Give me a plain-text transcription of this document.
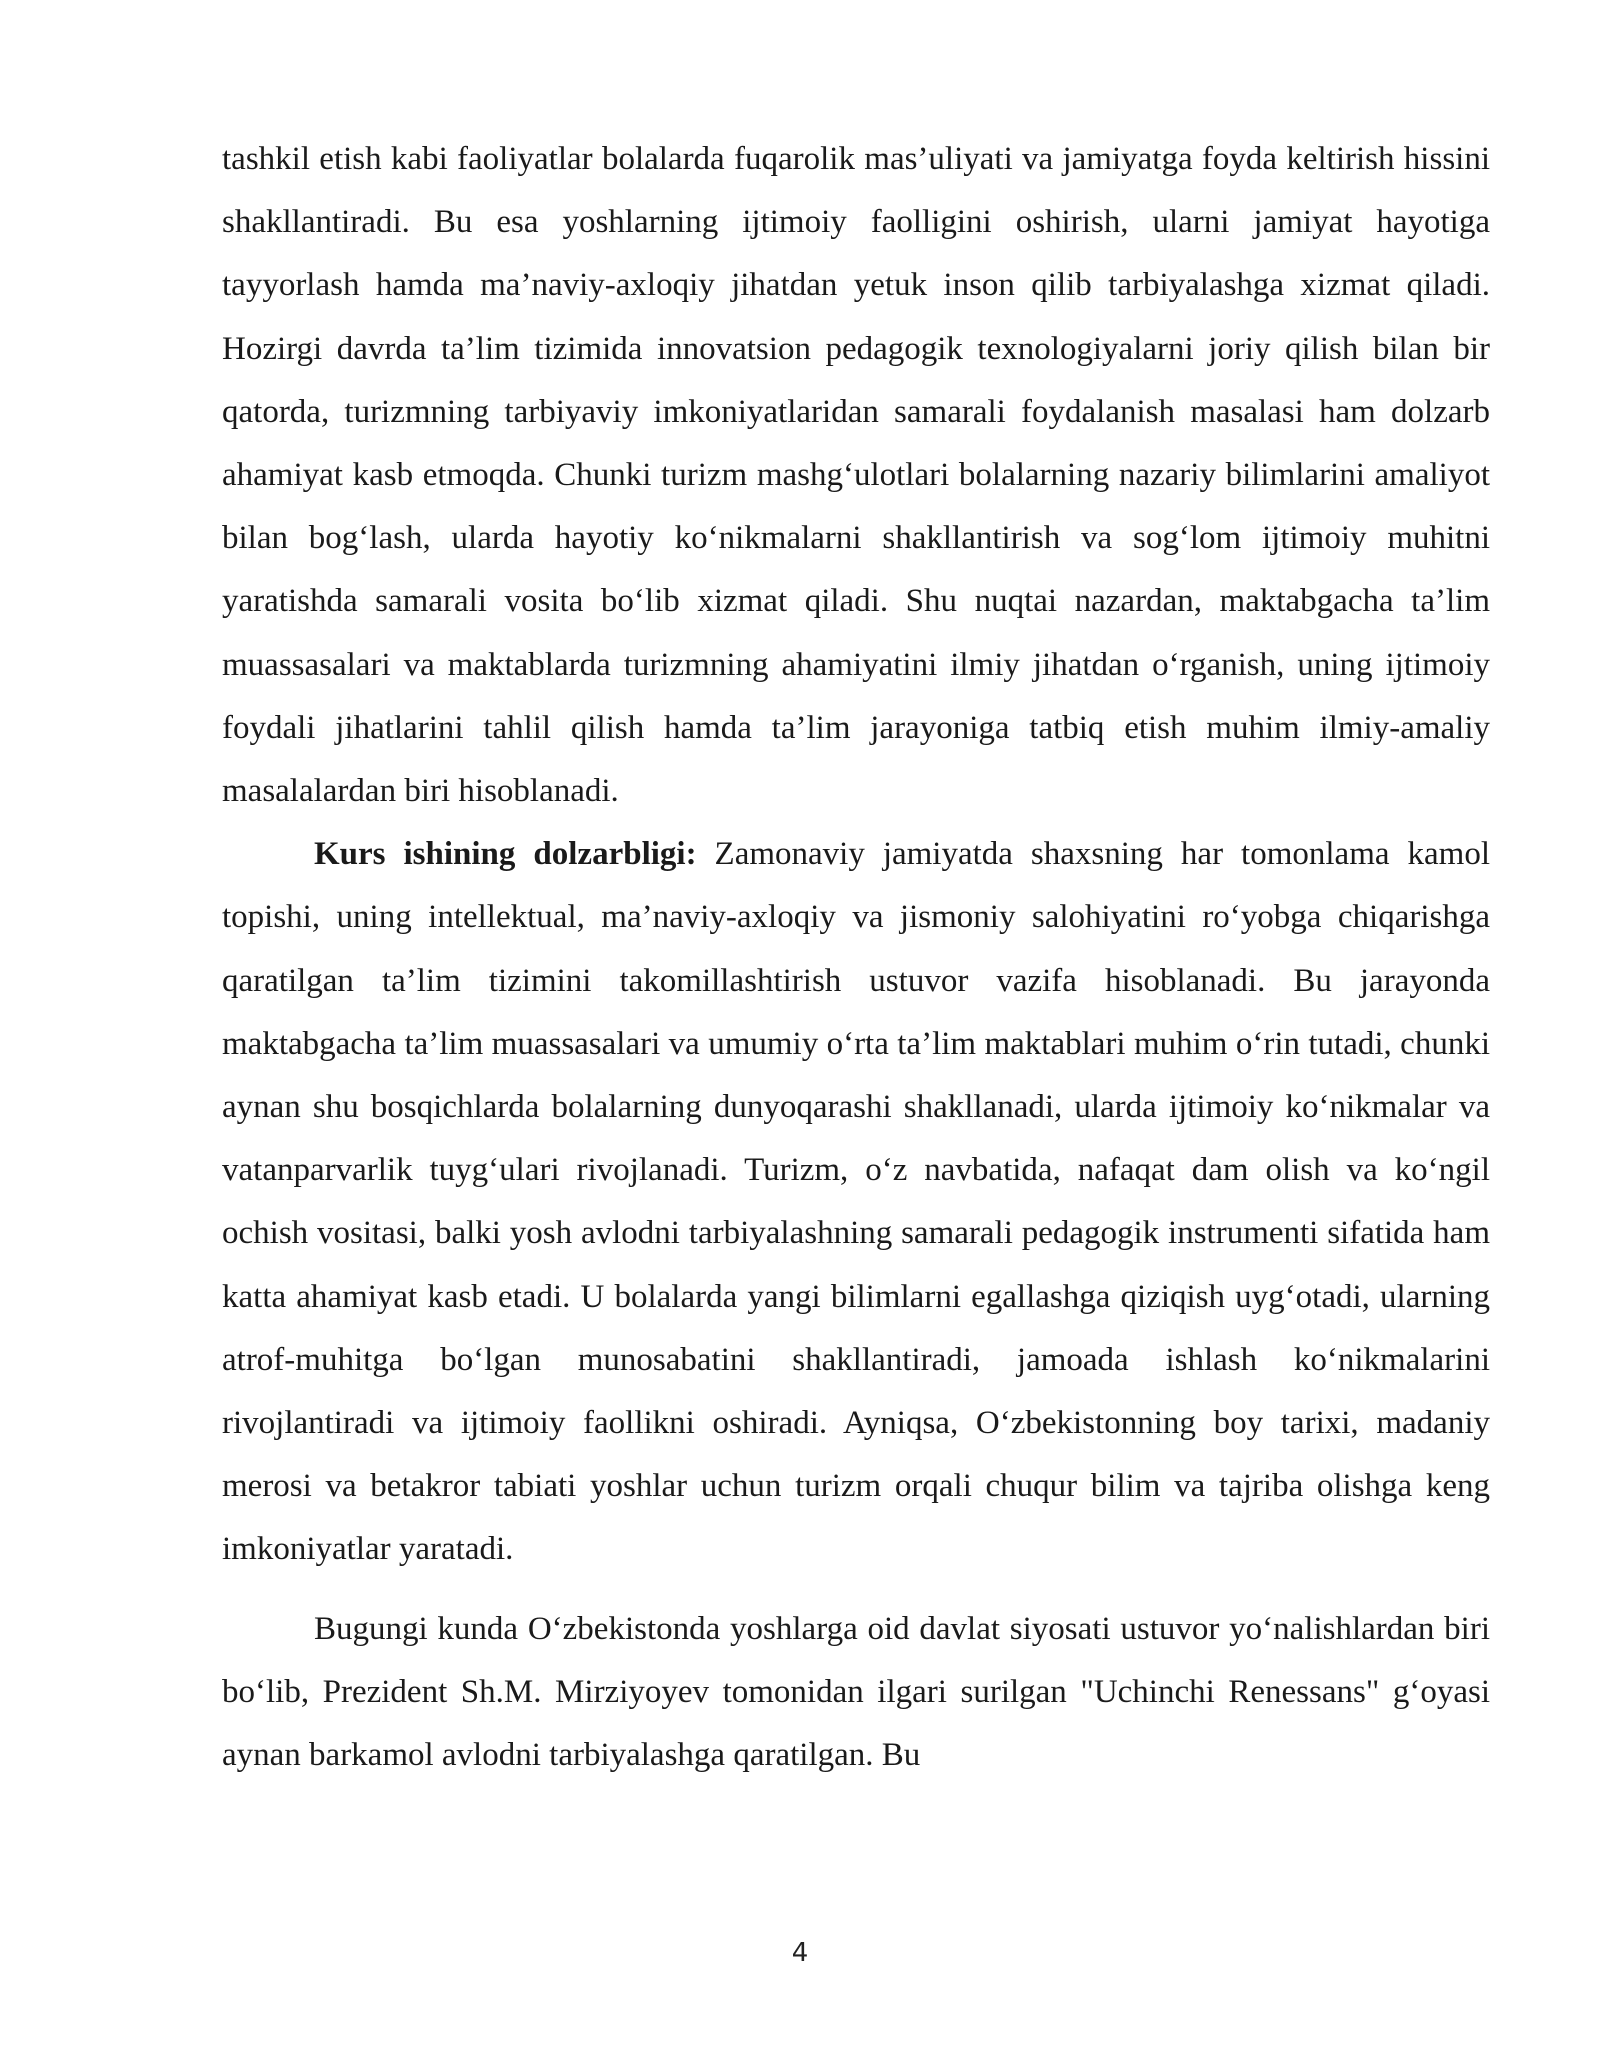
tashkil etish kabi faoliyatlar bolalarda fuqarolik mas’uliyati va jamiyatga foyda keltirish hissini shakllantiradi. Bu esa yoshlarning ijtimoiy faolligini oshirish, ularni jamiyat hayotiga tayyorlash hamda ma’naviy-axloqiy jihatdan yetuk inson qilib tarbiyalashga xizmat qiladi. Hozirgi davrda ta’lim tizimida innovatsion pedagogik texnologiyalarni joriy qilish bilan bir qatorda, turizmning tarbiyaviy imkoniyatlaridan samarali foydalanish masalasi ham dolzarb ahamiyat kasb etmoqda. Chunki turizm mashg‘ulotlari bolalarning nazariy bilimlarini amaliyot bilan bog‘lash, ularda hayotiy ko‘nikmalarni shakllantirish va sog‘lom ijtimoiy muhitni yaratishda samarali vosita bo‘lib xizmat qiladi. Shu nuqtai nazardan, maktabgacha ta’lim muassasalari va maktablarda turizmning ahamiyatini ilmiy jihatdan o‘rganish, uning ijtimoiy foydali jihatlarini tahlil qilish hamda ta’lim jarayoniga tatbiq etish muhim ilmiy-amaliy masalalardan biri hisoblanadi.

Kurs ishining dolzarbligi: Zamonaviy jamiyatda shaxsning har tomonlama kamol topishi, uning intellektual, ma’naviy-axloqiy va jismoniy salohiyatini ro‘yobga chiqarishga qaratilgan ta’lim tizimini takomillashtirish ustuvor vazifa hisoblanadi. Bu jarayonda maktabgacha ta’lim muassasalari va umumiy o‘rta ta’lim maktablari muhim o‘rin tutadi, chunki aynan shu bosqichlarda bolalarning dunyoqarashi shakllanadi, ularda ijtimoiy ko‘nikmalar va vatanparvarlik tuyg‘ulari rivojlanadi. Turizm, o‘z navbatida, nafaqat dam olish va ko‘ngil ochish vositasi, balki yosh avlodni tarbiyalashning samarali pedagogik instrumenti sifatida ham katta ahamiyat kasb etadi. U bolalarda yangi bilimlarni egallashga qiziqish uyg‘otadi, ularning atrof-muhitga bo‘lgan munosabatini shakllantiradi, jamoada ishlash ko‘nikmalarini rivojlantiradi va ijtimoiy faollikni oshiradi. Ayniqsa, O‘zbekistonning boy tarixi, madaniy merosi va betakror tabiati yoshlar uchun turizm orqali chuqur bilim va tajriba olishga keng imkoniyatlar yaratadi.

Bugungi kunda O‘zbekistonda yoshlarga oid davlat siyosati ustuvor yo‘nalishlardan biri bo‘lib, Prezident Sh.M. Mirziyoyev tomonidan ilgari surilgan "Uchinchi Renessans" g‘oyasi aynan barkamol avlodni tarbiyalashga qaratilgan. Bu

4
